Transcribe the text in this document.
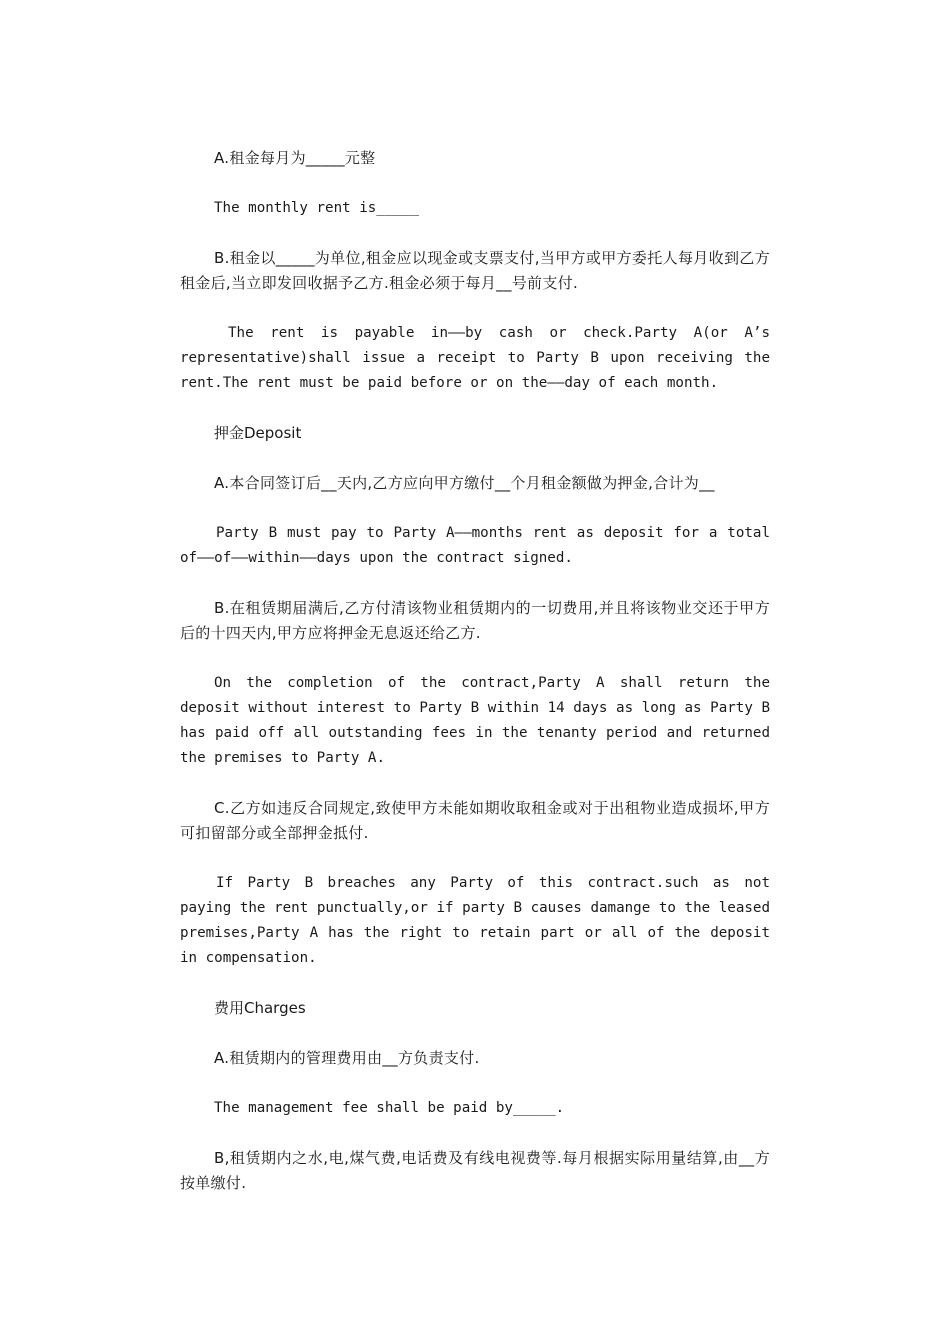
A.租金每月为_____元整

The monthly rent is_____

B.租金以_____为单位,租金应以现金或支票支付,当甲方或甲方委托人每月收到乙方租金后,当立即发回收据予乙方.租金必须于每月__号前支付.

The rent is payable in——by cash or check.Party A(or A’s representative)shall issue a receipt to Party B upon receiving the rent.The rent must be paid before or on the——day of each month.

押金Deposit

A.本合同签订后__天内,乙方应向甲方缴付__个月租金额做为押金,合计为__

Party B must pay to Party A——months rent as deposit for a total of——of——within——days upon the contract signed.

B.在租赁期届满后,乙方付清该物业租赁期内的一切费用,并且将该物业交还于甲方后的十四天内,甲方应将押金无息返还给乙方.

On the completion of the contract,Party A shall return the deposit without interest to Party B within 14 days as long as Party B has paid off all outstanding fees in the tenanty period and returned the premises to Party A.

C.乙方如违反合同规定,致使甲方未能如期收取租金或对于出租物业造成损坏,甲方可扣留部分或全部押金抵付.

If Party B breaches any Party of this contract.such as not paying the rent punctually,or if party B causes damange to the leased premises,Party A has the right to retain part or all of the deposit in compensation.

费用Charges

A.租赁期内的管理费用由__方负责支付.

The management fee shall be paid by_____.

B,租赁期内之水,电,煤气费,电话费及有线电视费等.每月根据实际用量结算,由__方按单缴付.
